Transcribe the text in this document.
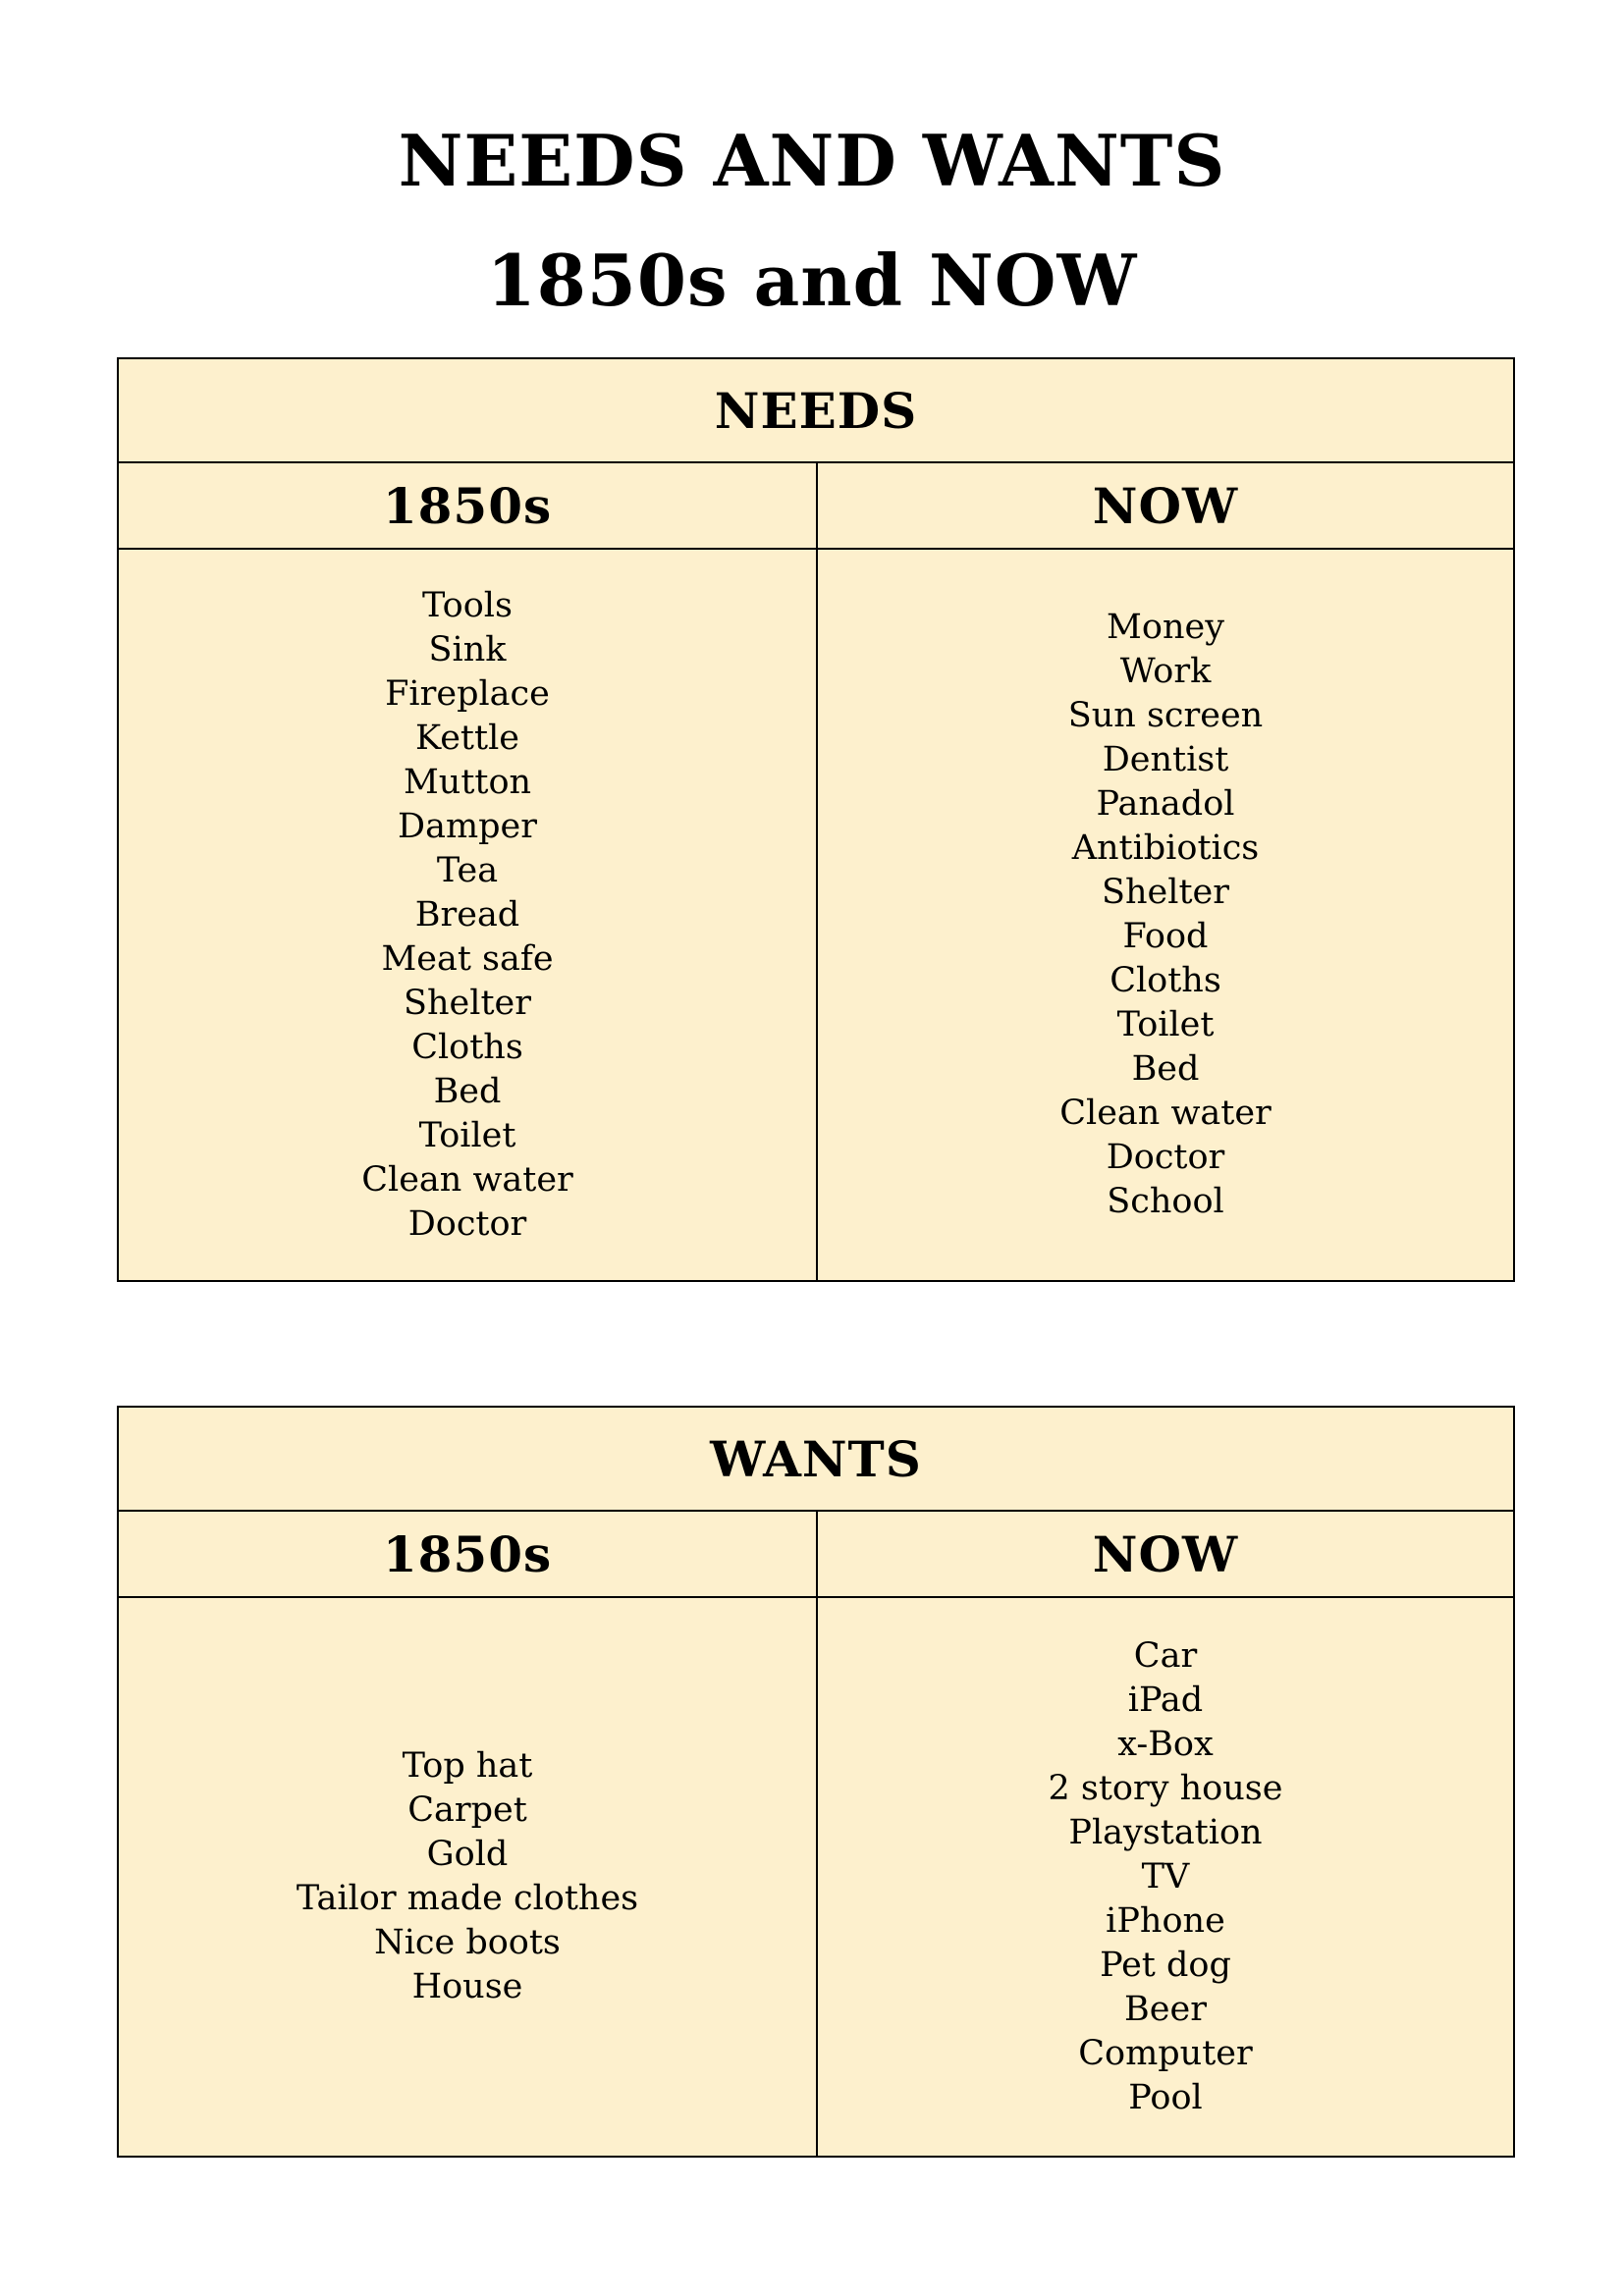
NEEDS AND WANTS
1850s and NOW
NEEDS
1850s	NOW
Tools
Sink
Fireplace
Kettle
Mutton
Damper
Tea
Bread
Meat safe
Shelter
Cloths
Bed
Toilet
Clean water
Doctor
Money
Work
Sun screen
Dentist
Panadol
Antibiotics
Shelter
Food
Cloths
Toilet
Bed
Clean water
Doctor
School
WANTS
1850s	NOW
Top hat
Carpet
Gold
Tailor made clothes
Nice boots
House
Car
iPad
x-Box
2 story house
Playstation
TV
iPhone
Pet dog
Beer
Computer
Pool
